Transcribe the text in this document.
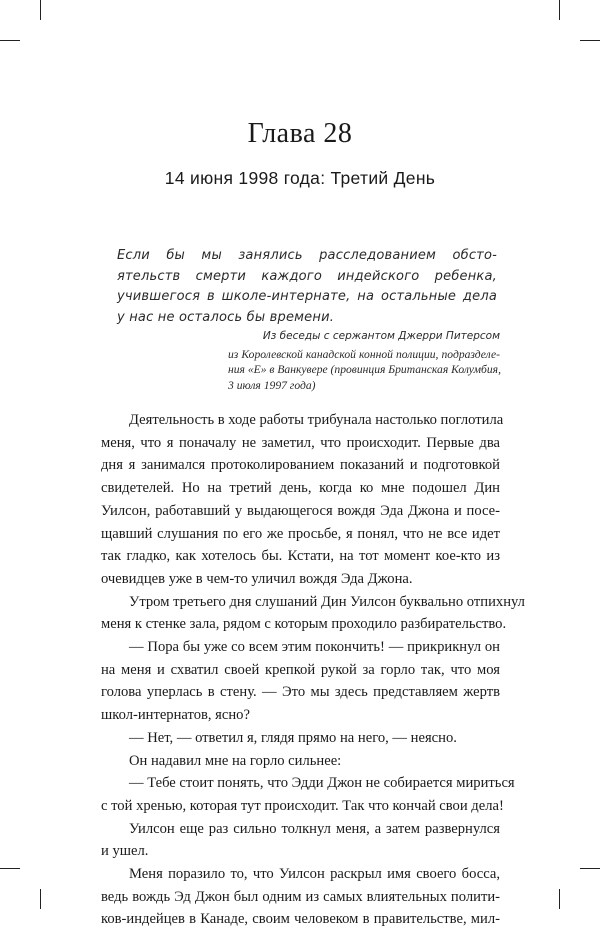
Глава 28
14 июня 1998 года: Третий День
Если бы мы занялись расследованием обсто-
ятельств смерти каждого индейского ребенка,
учившегося в школе-интернате, на остальные дела
у нас не осталось бы времени.
Из беседы с сержантом Джерри Питерсом
из Королевской канадской конной полиции, подразделе-
ния «Е» в Ванкувере (провинция Британская Колумбия,
3 июля 1997 года)
Деятельность в ходе работы трибунала настолько поглотила
меня, что я поначалу не заметил, что происходит. Первые два
дня я занимался протоколированием показаний и подготовкой
свидетелей. Но на третий день, когда ко мне подошел Дин
Уилсон, работавший у выдающегося вождя Эда Джона и посе-
щавший слушания по его же просьбе, я понял, что не все идет
так гладко, как хотелось бы. Кстати, на тот момент кое-кто из
очевидцев уже в чем-то уличил вождя Эда Джона.
Утром третьего дня слушаний Дин Уилсон буквально отпихнул
меня к стенке зала, рядом с которым проходило разбирательство.
— Пора бы уже со всем этим покончить! — прикрикнул он
на меня и схватил своей крепкой рукой за горло так, что моя
голова уперлась в стену. — Это мы здесь представляем жертв
школ-интернатов, ясно?
— Нет, — ответил я, глядя прямо на него, — неясно.
Он надавил мне на горло сильнее:
— Тебе стоит понять, что Эдди Джон не собирается мириться
с той хренью, которая тут происходит. Так что кончай свои дела!
Уилсон еще раз сильно толкнул меня, а затем развернулся
и ушел.
Меня поразило то, что Уилсон раскрыл имя своего босса,
ведь вождь Эд Джон был одним из самых влиятельных полити-
ков-индейцев в Канаде, своим человеком в правительстве, мил-
